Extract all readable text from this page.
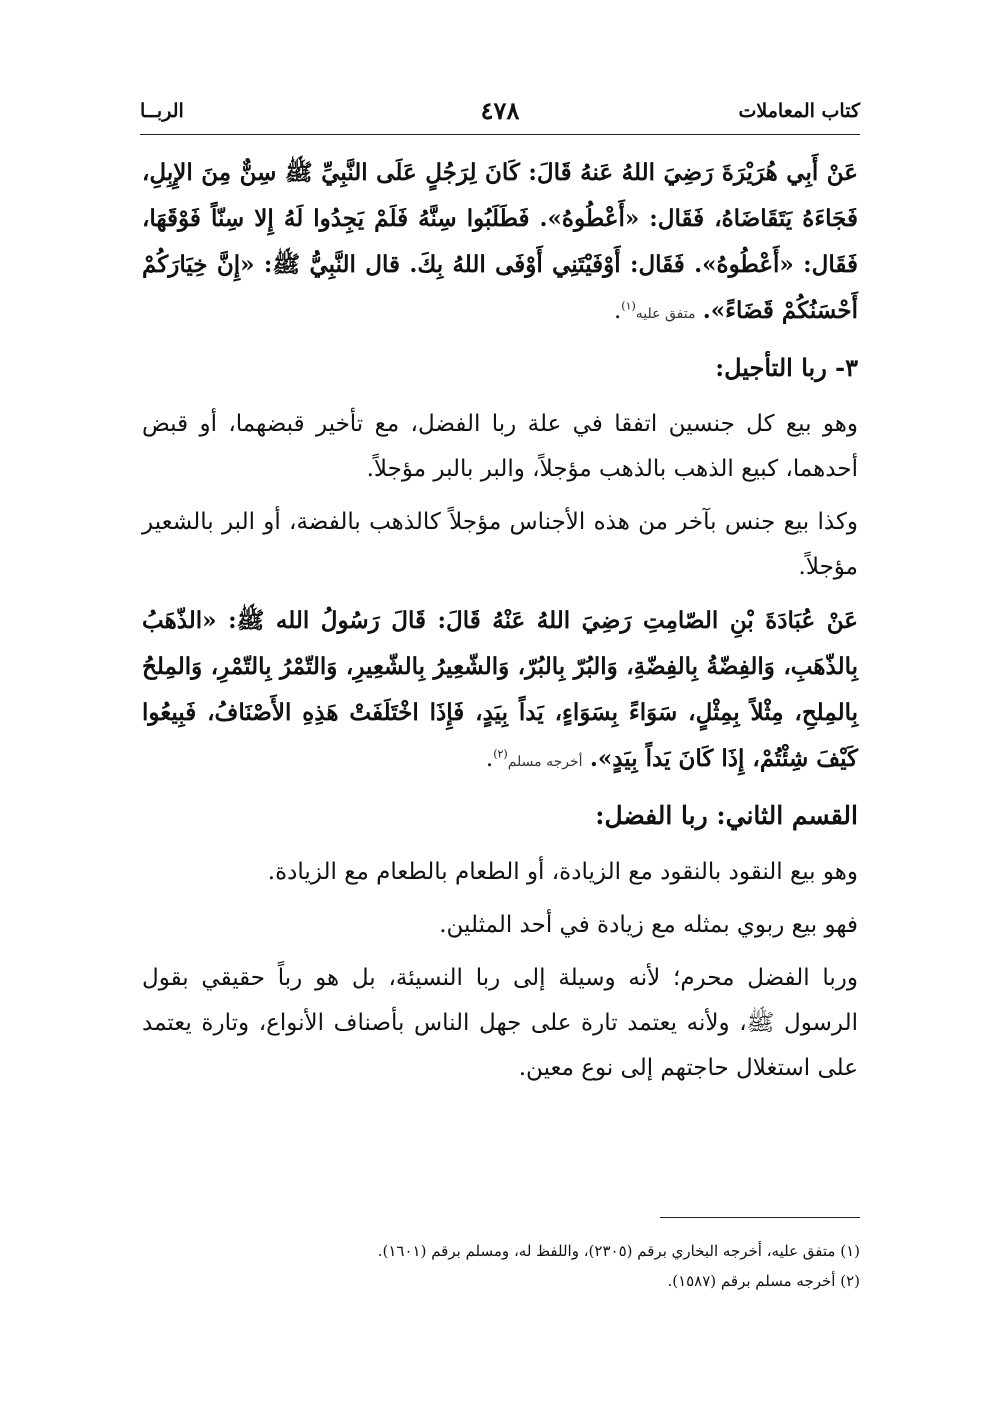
كتاب المعاملات
٤٧٨
الربــا

عَنْ أَبِي هُرَيْرَةَ رَضِيَ اللهُ عَنهُ قَالَ: كَانَ لِرَجُلٍ عَلَى النَّبِيِّ ﷺ سِنٌّ مِنَ الإِبِلِ، فَجَاءَهُ يَتَقَاضَاهُ، فَقَال: «أَعْطُوهُ». فَطَلَبُوا سِنَّهُ فَلَمْ يَجِدُوا لَهُ إِلا سِنّاً فَوْقَهَا، فَقَال: «أَعْطُوهُ». فَقَال: أَوْفَيْتَنِي أَوْفَى اللهُ بِكَ. قال النَّبِيُّ ﷺ: «إِنَّ خِيَارَكُمْ أَحْسَنُكُمْ قَضَاءً». متفق عليه$^{(١)}$.

٣- ربا التأجيل:

وهو بيع كل جنسين اتفقا في علة ربا الفضل، مع تأخير قبضهما، أو قبض أحدهما، كبيع الذهب بالذهب مؤجلاً، والبر بالبر مؤجلاً.

وكذا بيع جنس بآخر من هذه الأجناس مؤجلاً كالذهب بالفضة، أو البر بالشعير مؤجلاً.

عَنْ عُبَادَةَ بْنِ الصّامِتِ رَضِيَ اللهُ عَنْهُ قَالَ: قَالَ رَسُولُ الله ﷺ: «الذّهَبُ بِالذّهَبِ، وَالفِضّةُ بِالفِضّةِ، وَالبُرّ بِالبُرّ، وَالشّعِيرُ بِالشّعِيرِ، وَالتّمْرُ بِالتّمْرِ، وَالمِلحُ بِالمِلحِ، مِثْلاً بِمِثْلٍ، سَوَاءً بِسَوَاءٍ، يَداً بِيَدٍ، فَإِذَا اخْتَلَفَتْ هَذِهِ الأَصْنَافُ، فَبِيعُوا كَيْفَ شِئْتُمْ، إِذَا كَانَ يَداً بِيَدٍ». أخرجه مسلم$^{(٢)}$.

القسم الثاني: ربا الفضل:

وهو بيع النقود بالنقود مع الزيادة، أو الطعام بالطعام مع الزيادة.

فهو بيع ربوي بمثله مع زيادة في أحد المثلين.

وربا الفضل محرم؛ لأنه وسيلة إلى ربا النسيئة، بل هو رباً حقيقي بقول الرسول ﷺ، ولأنه يعتمد تارة على جهل الناس بأصناف الأنواع، وتارة يعتمد على استغلال حاجتهم إلى نوع معين.

(١) متفق عليه، أخرجه البخاري برقم (٢٣٠٥)، واللفظ له، ومسلم برقم (١٦٠١).

(٢) أخرجه مسلم برقم (١٥٨٧).
